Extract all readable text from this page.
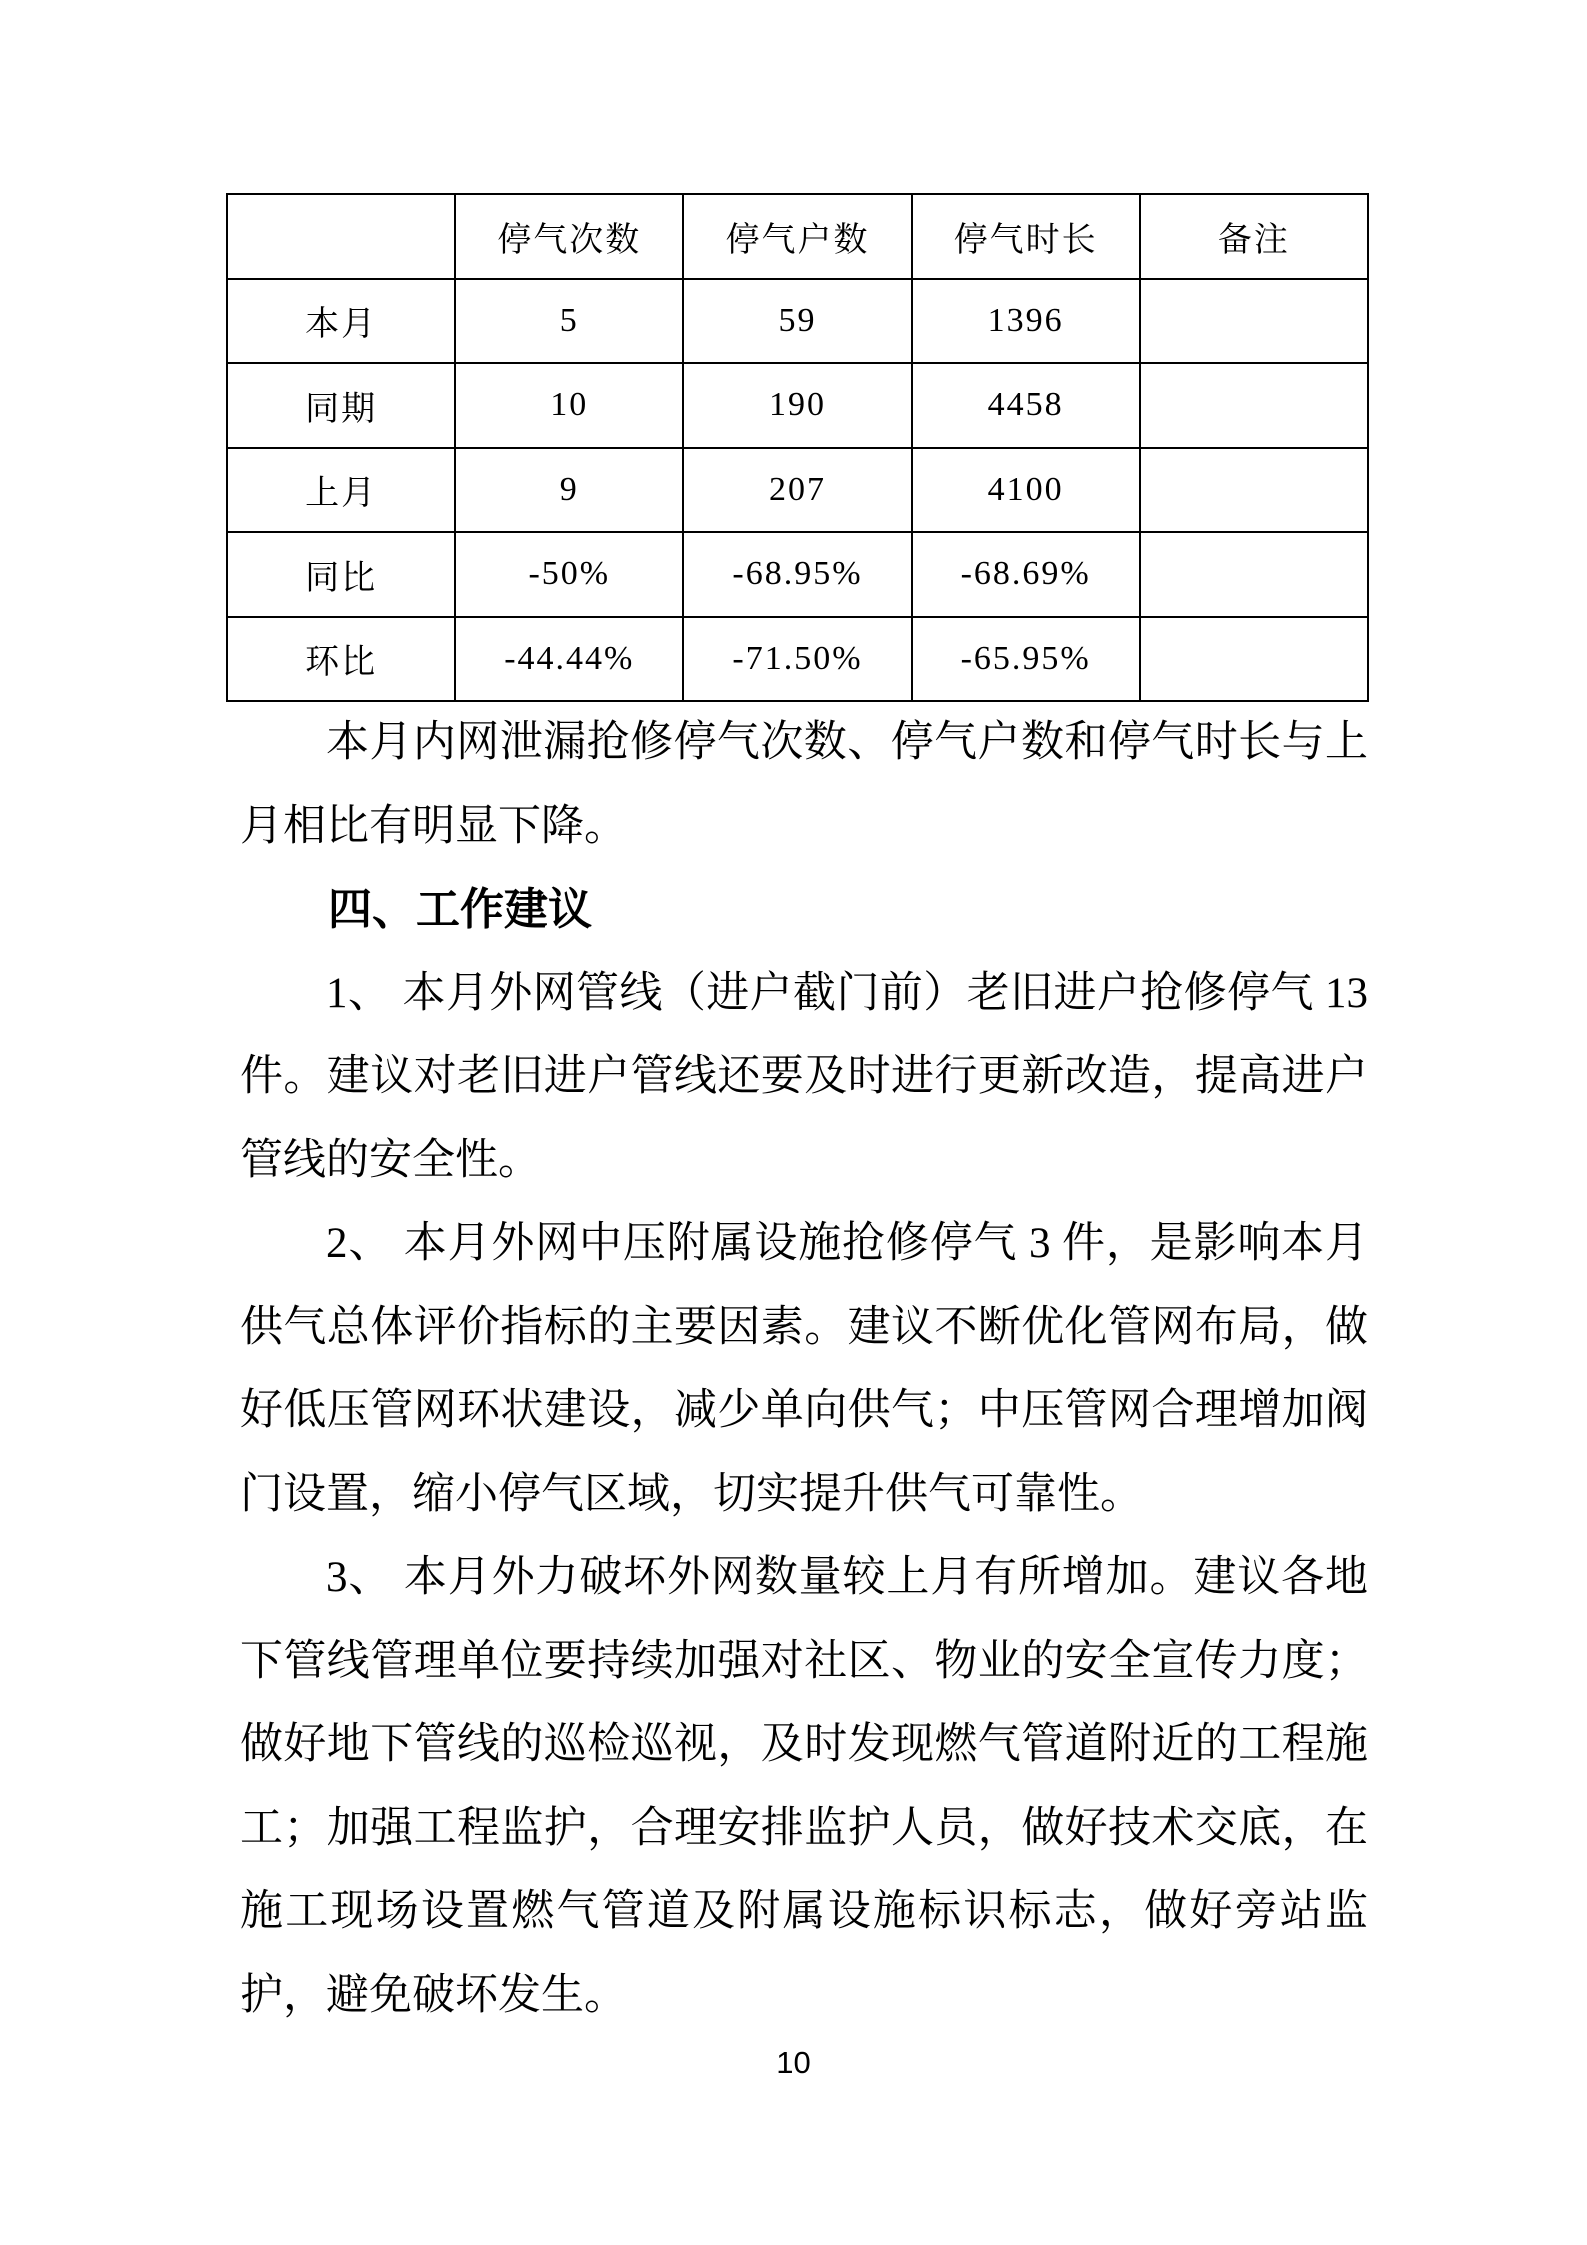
	停气次数	停气户数	停气时长	备注
本月	5	59	1396	
同期	10	190	4458	
上月	9	207	4100	
同比	-50%	-68.95%	-68.69%	
环比	-44.44%	-71.50%	-65.95%	

本月内网泄漏抢修停气次数、停气户数和停气时长与上月相比有明显下降。

四、工作建议

1、 本月外网管线（进户截门前）老旧进户抢修停气 13 件。建议对老旧进户管线还要及时进行更新改造，提高进户管线的安全性。

2、 本月外网中压附属设施抢修停气 3 件，是影响本月供气总体评价指标的主要因素。建议不断优化管网布局，做好低压管网环状建设，减少单向供气；中压管网合理增加阀门设置，缩小停气区域，切实提升供气可靠性。

3、 本月外力破坏外网数量较上月有所增加。建议各地下管线管理单位要持续加强对社区、物业的安全宣传力度；做好地下管线的巡检巡视，及时发现燃气管道附近的工程施工；加强工程监护，合理安排监护人员，做好技术交底，在施工现场设置燃气管道及附属设施标识标志，做好旁站监护，避免破坏发生。

10
